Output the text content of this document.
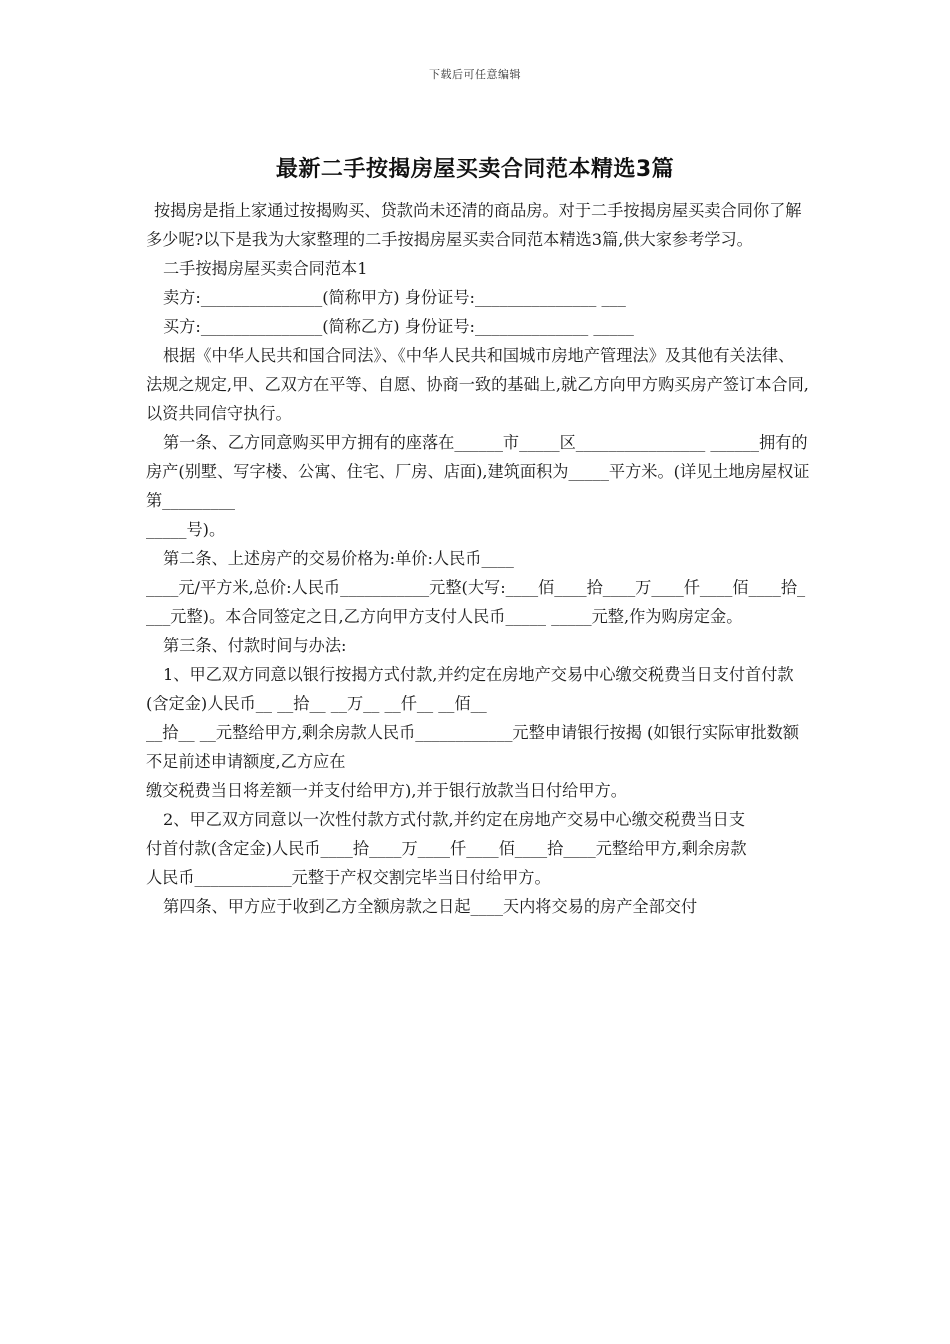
下载后可任意编辑
最新二手按揭房屋买卖合同范本精选3篇

按揭房是指上家通过按揭购买、贷款尚未还清的商品房。对于二手按揭房屋买卖合同你了解多少呢?以下是我为大家整理的二手按揭房屋买卖合同范本精选3篇,供大家参考学习。

二手按揭房屋买卖合同范本1

卖方:_______________(简称甲方) 身份证号:_______________ ___

买方:_______________(简称乙方) 身份证号:______________ _____

根据《中华人民共和国合同法》、《中华人民共和国城市房地产管理法》及其他有关法律、法规之规定,甲、乙双方在平等、自愿、协商一致的基础上,就乙方向甲方购买房产签订本合同,以资共同信守执行。

第一条、乙方同意购买甲方拥有的座落在______市_____区________________ ______拥有的房产(别墅、写字楼、公寓、住宅、厂房、店面),建筑面积为_____平方米。(详见土地房屋权证第_________

_____号)。

第二条、上述房产的交易价格为:单价:人民币____

____元/平方米,总价:人民币___________元整(大写:____佰____拾____万____仟____佰____拾____元整)。本合同签定之日,乙方向甲方支付人民币_____ _____元整,作为购房定金。

第三条、付款时间与办法:

1、甲乙双方同意以银行按揭方式付款,并约定在房地产交易中心缴交税费当日支付首付款(含定金)人民币__ __拾__ __万__ __仟__ __佰__

__拾__ __元整给甲方,剩余房款人民币____________元整申请银行按揭 (如银行实际审批数额不足前述申请额度,乙方应在

缴交税费当日将差额一并支付给甲方),并于银行放款当日付给甲方。

2、甲乙双方同意以一次性付款方式付款,并约定在房地产交易中心缴交税费当日支

付首付款(含定金)人民币____拾____万____仟____佰____拾____元整给甲方,剩余房款

人民币____________元整于产权交割完毕当日付给甲方。

第四条、甲方应于收到乙方全额房款之日起____天内将交易的房产全部交付
